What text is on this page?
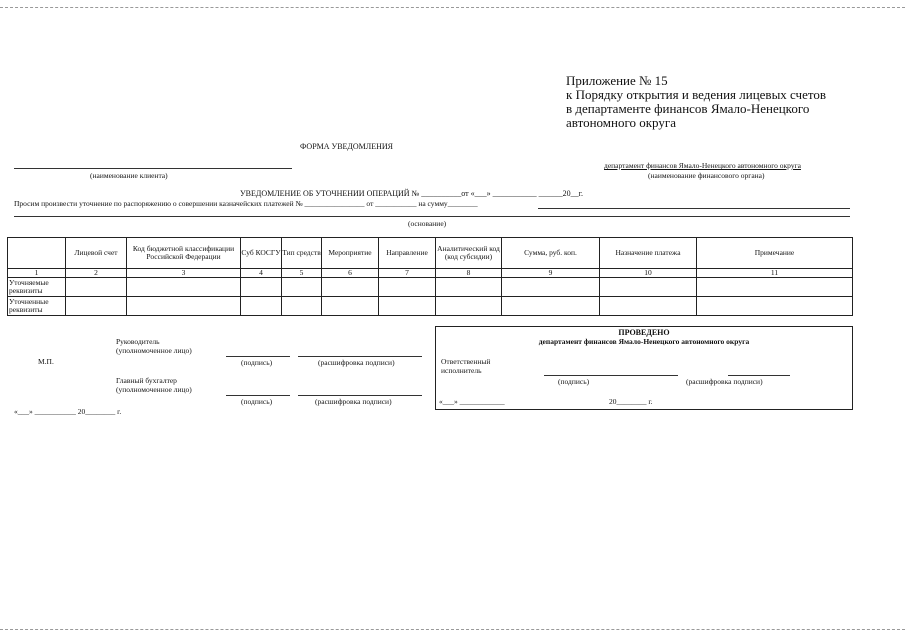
Приложение № 15
к Порядку открытия и ведения лицевых счетов
в департаменте финансов Ямало-Ненецкого
автономного округа
ФОРМА УВЕДОМЛЕНИЯ
(наименование клиента)
департамент финансов Ямало-Ненецкого автономного округа
(наименование финансового органа)
УВЕДОМЛЕНИЕ ОБ УТОЧНЕНИИ ОПЕРАЦИЙ № __________от «___» ___________ ______20__г.
Просим произвести уточнение по распоряжению о совершении казначейских платежей № ________________ от ___________ на сумму________
(основание)
	Лицевой счет	Код бюджетной классификации Российской Федерации	Суб КОСГУ	Тип средств	Мероприятие	Направление	Аналитический код (код субсидии)	Сумма, руб. коп.	Назначение платежа	Примечание
1	2	3	4	5	6	7	8	9	10	11
Уточняемые реквизиты										
Уточненные реквизиты										
М.П.
Руководитель
(уполномоченное лицо)
(подпись)	(расшифровка подписи)
Главный бухгалтер
(уполномоченное лицо)
(подпись)	(расшифровка подписи)
«___» ___________ 20________ г.
ПРОВЕДЕНО
департамент финансов Ямало-Ненецкого автономного округа
Ответственный
исполнитель
(подпись)	(расшифровка подписи)
«___» ____________	20________ г.
